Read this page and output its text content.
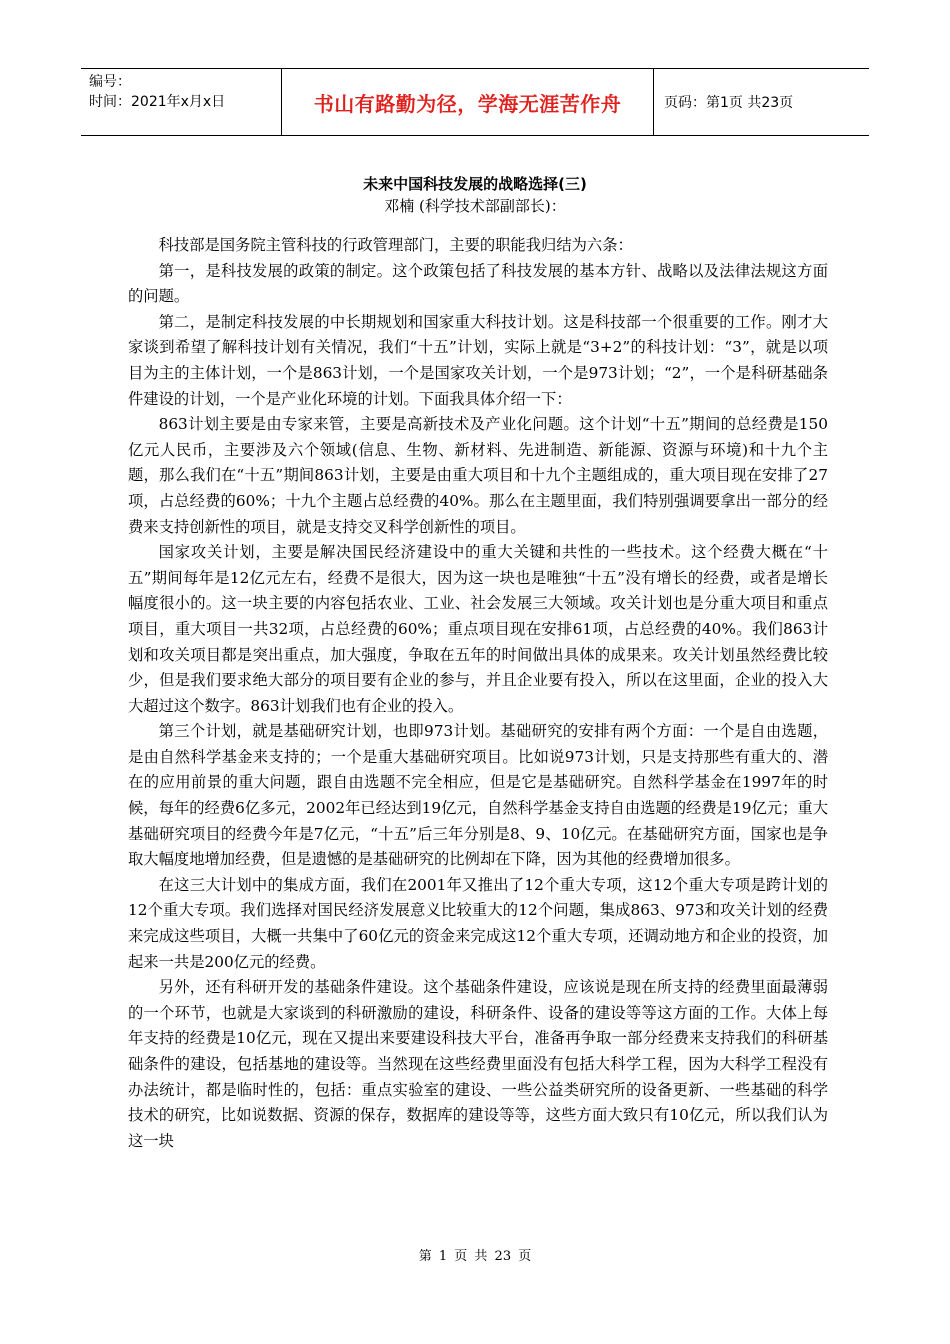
编号：
时间：2021年x月x日	书山有路勤为径，学海无涯苦作舟	页码：第1页 共23页
未来中国科技发展的战略选择(三)
邓楠 (科学技术部副部长)：

科技部是国务院主管科技的行政管理部门，主要的职能我归结为六条：

第一，是科技发展的政策的制定。这个政策包括了科技发展的基本方针、战略以及法律法规这方面的问题。

第二，是制定科技发展的中长期规划和国家重大科技计划。这是科技部一个很重要的工作。刚才大家谈到希望了解科技计划有关情况，我们“十五”计划，实际上就是“3+2”的科技计划：“3”，就是以项目为主的主体计划，一个是863计划，一个是国家攻关计划，一个是973计划；“2”，一个是科研基础条件建设的计划，一个是产业化环境的计划。下面我具体介绍一下：

863计划主要是由专家来管，主要是高新技术及产业化问题。这个计划“十五”期间的总经费是150亿元人民币，主要涉及六个领域(信息、生物、新材料、先进制造、新能源、资源与环境)和十九个主题，那么我们在“十五”期间863计划，主要是由重大项目和十九个主题组成的，重大项目现在安排了27项，占总经费的60%；十九个主题占总经费的40%。那么在主题里面，我们特别强调要拿出一部分的经费来支持创新性的项目，就是支持交叉科学创新性的项目。

国家攻关计划，主要是解决国民经济建设中的重大关键和共性的一些技术。这个经费大概在“十五”期间每年是12亿元左右，经费不是很大，因为这一块也是唯独“十五”没有增长的经费，或者是增长幅度很小的。这一块主要的内容包括农业、工业、社会发展三大领域。攻关计划也是分重大项目和重点项目，重大项目一共32项，占总经费的60%；重点项目现在安排61项，占总经费的40%。我们863计划和攻关项目都是突出重点，加大强度，争取在五年的时间做出具体的成果来。攻关计划虽然经费比较少，但是我们要求绝大部分的项目要有企业的参与，并且企业要有投入，所以在这里面，企业的投入大大超过这个数字。863计划我们也有企业的投入。

第三个计划，就是基础研究计划，也即973计划。基础研究的安排有两个方面：一个是自由选题，是由自然科学基金来支持的；一个是重大基础研究项目。比如说973计划，只是支持那些有重大的、潜在的应用前景的重大问题，跟自由选题不完全相应，但是它是基础研究。自然科学基金在1997年的时候，每年的经费6亿多元，2002年已经达到19亿元，自然科学基金支持自由选题的经费是19亿元；重大基础研究项目的经费今年是7亿元，“十五”后三年分别是8、9、10亿元。在基础研究方面，国家也是争取大幅度地增加经费，但是遗憾的是基础研究的比例却在下降，因为其他的经费增加很多。

在这三大计划中的集成方面，我们在2001年又推出了12个重大专项，这12个重大专项是跨计划的12个重大专项。我们选择对国民经济发展意义比较重大的12个问题，集成863、973和攻关计划的经费来完成这些项目，大概一共集中了60亿元的资金来完成这12个重大专项，还调动地方和企业的投资，加起来一共是200亿元的经费。

另外，还有科研开发的基础条件建设。这个基础条件建设，应该说是现在所支持的经费里面最薄弱的一个环节，也就是大家谈到的科研激励的建设，科研条件、设备的建设等等这方面的工作。大体上每年支持的经费是10亿元，现在又提出来要建设科技大平台，准备再争取一部分经费来支持我们的科研基础条件的建设，包括基地的建设等。当然现在这些经费里面没有包括大科学工程，因为大科学工程没有办法统计，都是临时性的，包括：重点实验室的建设、一些公益类研究所的设备更新、一些基础的科学技术的研究，比如说数据、资源的保存，数据库的建设等等，这些方面大致只有10亿元，所以我们认为这一块

第 1 页 共 23 页
